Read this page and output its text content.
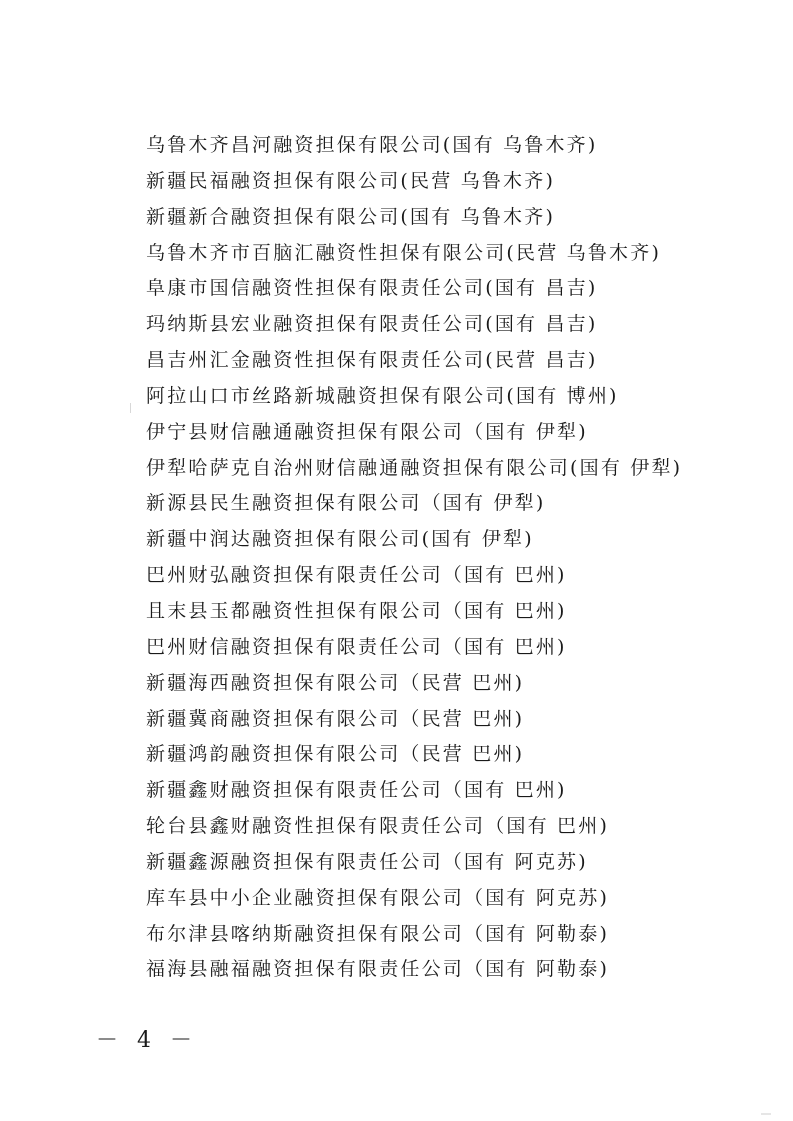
乌鲁木齐昌河融资担保有限公司(国有 乌鲁木齐)
新疆民福融资担保有限公司(民营 乌鲁木齐)
新疆新合融资担保有限公司(国有 乌鲁木齐)
乌鲁木齐市百脑汇融资性担保有限公司(民营 乌鲁木齐)
阜康市国信融资性担保有限责任公司(国有 昌吉)
玛纳斯县宏业融资担保有限责任公司(国有 昌吉)
昌吉州汇金融资性担保有限责任公司(民营 昌吉)
阿拉山口市丝路新城融资担保有限公司(国有 博州)
伊宁县财信融通融资担保有限公司（国有 伊犁)
伊犁哈萨克自治州财信融通融资担保有限公司(国有 伊犁)
新源县民生融资担保有限公司（国有 伊犁)
新疆中润达融资担保有限公司(国有 伊犁)
巴州财弘融资担保有限责任公司（国有 巴州)
且末县玉都融资性担保有限公司（国有 巴州)
巴州财信融资担保有限责任公司（国有 巴州)
新疆海西融资担保有限公司（民营 巴州)
新疆冀商融资担保有限公司（民营 巴州)
新疆鸿韵融资担保有限公司（民营 巴州)
新疆鑫财融资担保有限责任公司（国有 巴州)
轮台县鑫财融资性担保有限责任公司（国有 巴州)
新疆鑫源融资担保有限责任公司（国有 阿克苏)
库车县中小企业融资担保有限公司（国有 阿克苏)
布尔津县喀纳斯融资担保有限公司（国有 阿勒泰)
福海县融福融资担保有限责任公司（国有 阿勒泰)
－ 4 －
